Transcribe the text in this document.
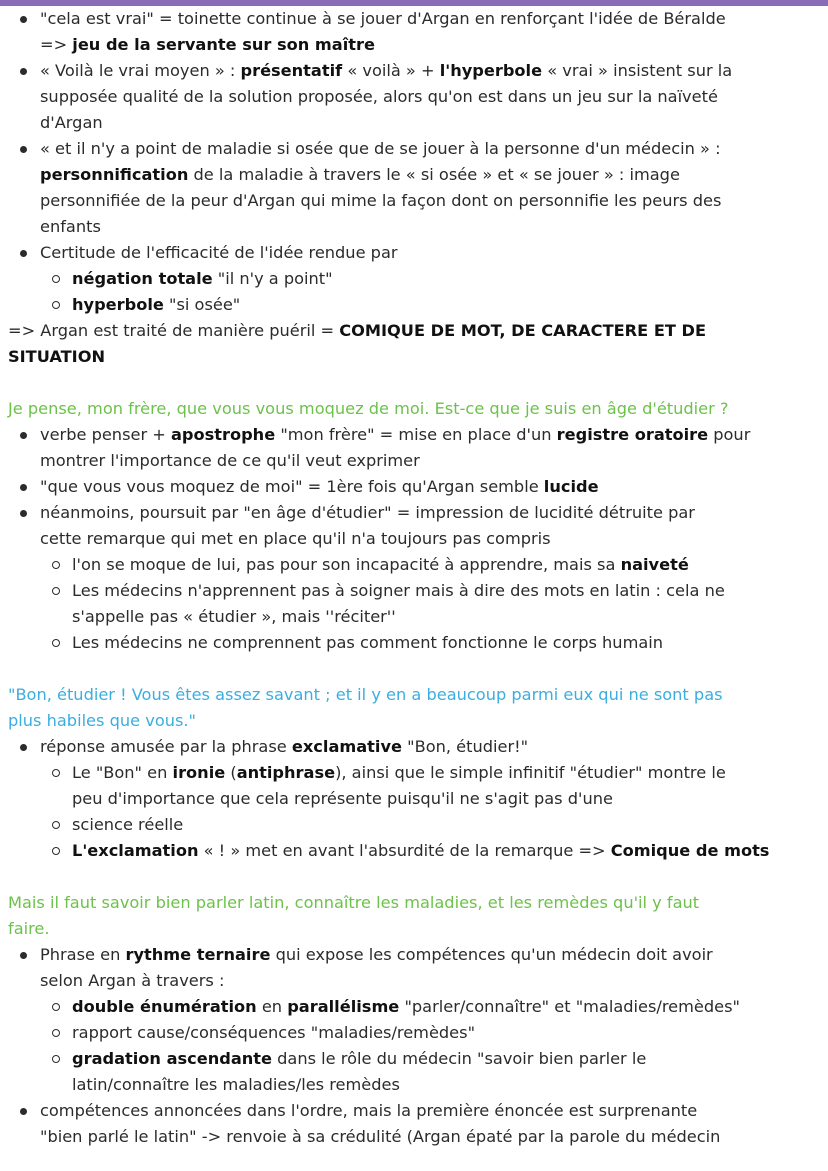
"cela est vrai" = toinette continue à se jouer d'Argan en renforçant l'idée de Béralde
=> jeu de la servante sur son maître
« Voilà le vrai moyen » : présentatif « voilà » + l'hyperbole « vrai » insistent sur la
supposée qualité de la solution proposée, alors qu'on est dans un jeu sur la naïveté
d'Argan
« et il n'y a point de maladie si osée que de se jouer à la personne d'un médecin » :
personnification de la maladie à travers le « si osée » et « se jouer » : image
personnifiée de la peur d'Argan qui mime la façon dont on personnifie les peurs des
enfants
Certitude de l'efficacité de l'idée rendue par
négation totale "il n'y a point"
hyperbole "si osée"
=> Argan est traité de manière puéril = COMIQUE DE MOT, DE CARACTERE ET DE
SITUATION
Je pense, mon frère, que vous vous moquez de moi. Est-ce que je suis en âge d'étudier ?
verbe penser + apostrophe "mon frère" = mise en place d'un registre oratoire pour
montrer l'importance de ce qu'il veut exprimer
"que vous vous moquez de moi" = 1ère fois qu'Argan semble lucide
néanmoins, poursuit par "en âge d'étudier" = impression de lucidité détruite par
cette remarque qui met en place qu'il n'a toujours pas compris
l'on se moque de lui, pas pour son incapacité à apprendre, mais sa naiveté
Les médecins n'apprennent pas à soigner mais à dire des mots en latin : cela ne
s'appelle pas « étudier », mais ''réciter''
Les médecins ne comprennent pas comment fonctionne le corps humain
"Bon, étudier ! Vous êtes assez savant ; et il y en a beaucoup parmi eux qui ne sont pas
plus habiles que vous."
réponse amusée par la phrase exclamative "Bon, étudier!"
Le "Bon" en ironie (antiphrase), ainsi que le simple infinitif "étudier" montre le
peu d'importance que cela représente puisqu'il ne s'agit pas d'une
science réelle
L'exclamation « ! » met en avant l'absurdité de la remarque => Comique de mots
Mais il faut savoir bien parler latin, connaître les maladies, et les remèdes qu'il y faut
faire.
Phrase en rythme ternaire qui expose les compétences qu'un médecin doit avoir
selon Argan à travers :
double énumération en parallélisme "parler/connaître" et "maladies/remèdes"
rapport cause/conséquences "maladies/remèdes"
gradation ascendante dans le rôle du médecin "savoir bien parler le
latin/connaître les maladies/les remèdes
compétences annoncées dans l'ordre, mais la première énoncée est surprenante
"bien parlé le latin" -> renvoie à sa crédulité (Argan épaté par la parole du médecin
